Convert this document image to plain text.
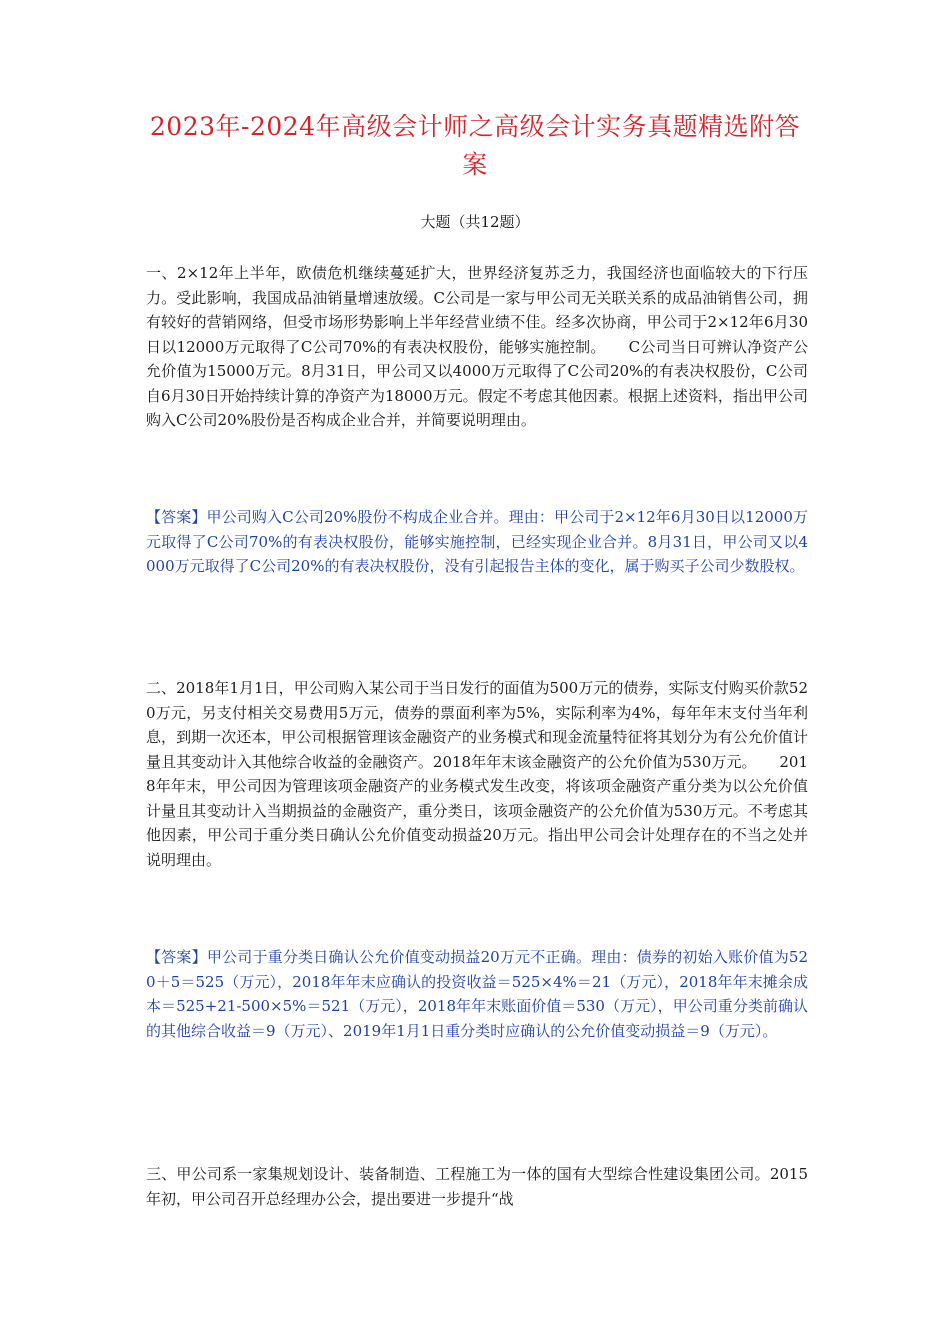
2023年-2024年高级会计师之高级会计实务真题精选附答案
大题（共12题）

一、2×12年上半年，欧债危机继续蔓延扩大，世界经济复苏乏力，我国经济也面临较大的下行压力。受此影响，我国成品油销量增速放缓。C公司是一家与甲公司无关联关系的成品油销售公司，拥有较好的营销网络，但受市场形势影响上半年经营业绩不佳。经多次协商，甲公司于2×12年6月30日以12000万元取得了C公司70%的有表决权股份，能够实施控制。　　C公司当日可辨认净资产公允价值为15000万元。8月31日，甲公司又以4000万元取得了C公司20%的有表决权股份，C公司自6月30日开始持续计算的净资产为18000万元。假定不考虑其他因素。根据上述资料，指出甲公司购入C公司20%股份是否构成企业合并，并简要说明理由。

【答案】甲公司购入C公司20%股份不构成企业合并。理由：甲公司于2×12年6月30日以12000万元取得了C公司70%的有表决权股份，能够实施控制，已经实现企业合并。8月31日，甲公司又以4000万元取得了C公司20%的有表决权股份，没有引起报告主体的变化，属于购买子公司少数股权。

二、2018年1月1日，甲公司购入某公司于当日发行的面值为500万元的债券，实际支付购买价款520万元，另支付相关交易费用5万元，债券的票面利率为5%，实际利率为4%，每年年末支付当年利息，到期一次还本，甲公司根据管理该金融资产的业务模式和现金流量特征将其划分为有公允价值计量且其变动计入其他综合收益的金融资产。2018年年末该金融资产的公允价值为530万元。　　2018年年末，甲公司因为管理该项金融资产的业务模式发生改变，将该项金融资产重分类为以公允价值计量且其变动计入当期损益的金融资产，重分类日，该项金融资产的公允价值为530万元。不考虑其他因素，甲公司于重分类日确认公允价值变动损益20万元。指出甲公司会计处理存在的不当之处并说明理由。

【答案】甲公司于重分类日确认公允价值变动损益20万元不正确。理由：债券的初始入账价值为520＋5＝525（万元），2018年年末应确认的投资收益＝525×4%＝21（万元），2018年年末摊余成本＝525+21-500×5%＝521（万元），2018年年末账面价值＝530（万元），甲公司重分类前确认的其他综合收益＝9（万元）、2019年1月1日重分类时应确认的公允价值变动损益＝9（万元）。

三、甲公司系一家集规划设计、装备制造、工程施工为一体的国有大型综合性建设集团公司。2015年初，甲公司召开总经理办公会，提出要进一步提升“战
